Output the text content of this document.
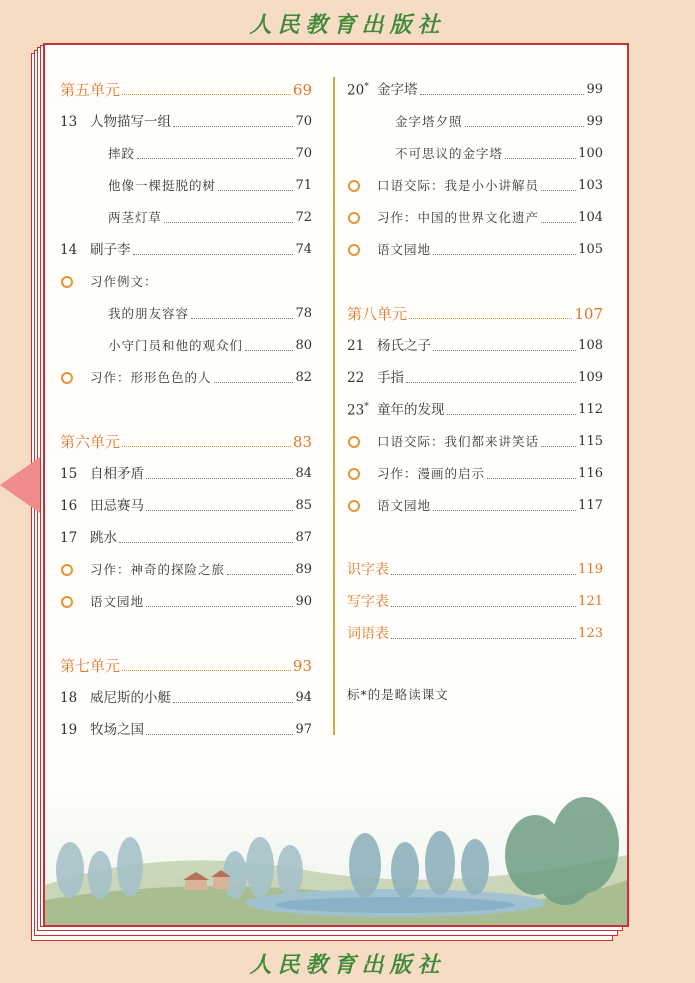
人民教育出版社
第五单元	69
13 人物描写一组	70
摔跤	70
他像一棵挺脱的树	71
两茎灯草	72
14 刷子李	74
习作例文：
我的朋友容容	78
小守门员和他的观众们	80
习作：形形色色的人	82
第六单元	83
15 自相矛盾	84
16 田忌赛马	85
17 跳水	87
习作：神奇的探险之旅	89
语文园地	90
第七单元	93
18 威尼斯的小艇	94
19 牧场之国	97
20* 金字塔	99
金字塔夕照	99
不可思议的金字塔	100
口语交际：我是小小讲解员	103
习作：中国的世界文化遗产	104
语文园地	105
第八单元	107
21 杨氏之子	108
22 手指	109
23* 童年的发现	112
口语交际：我们都来讲笑话	115
习作：漫画的启示	116
语文园地	117
识字表	119
写字表	121
词语表	123
标*的是略读课文
人民教育出版社
